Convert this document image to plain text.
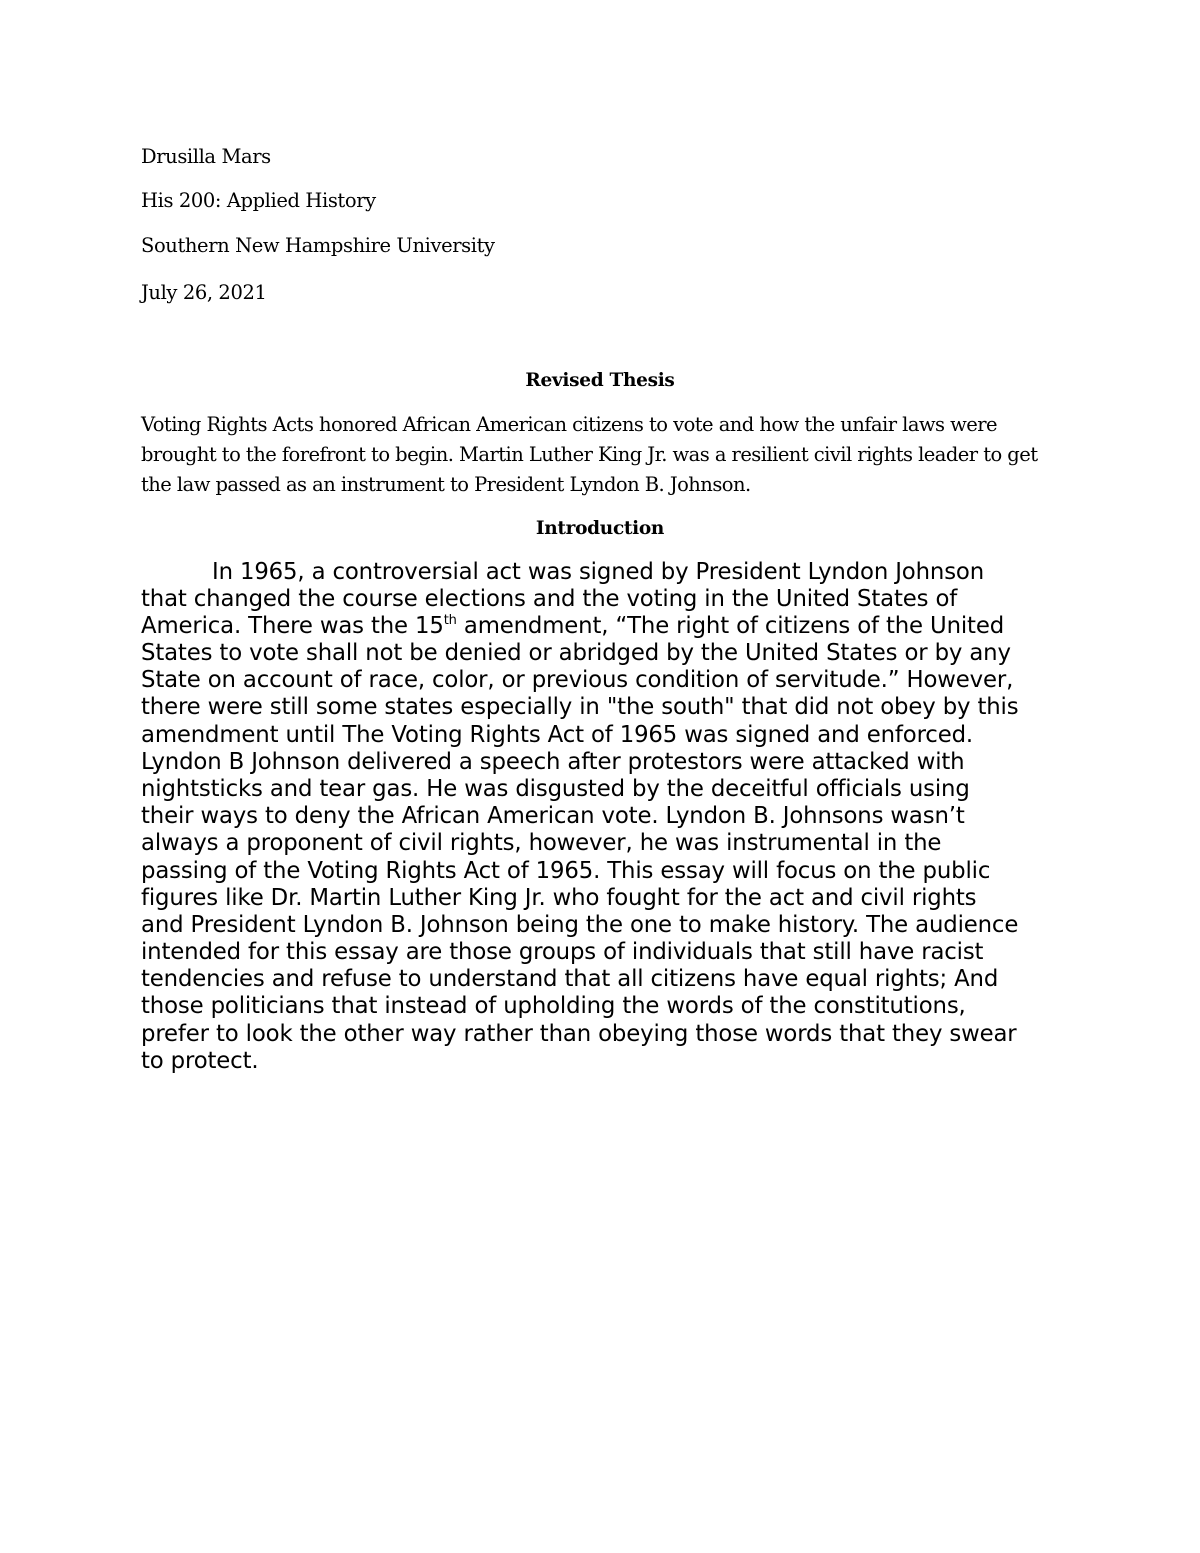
Drusilla Mars
His 200: Applied History
Southern New Hampshire University
July 26, 2021
Revised Thesis
Voting Rights Acts honored African American citizens to vote and how the unfair laws were
brought to the forefront to begin. Martin Luther King Jr. was a resilient civil rights leader to get
the law passed as an instrument to President Lyndon B. Johnson.
Introduction
In 1965, a controversial act was signed by President Lyndon Johnson
that changed the course elections and the voting in the United States of
America. There was the 15th amendment, “The right of citizens of the United
States to vote shall not be denied or abridged by the United States or by any
State on account of race, color, or previous condition of servitude.” However,
there were still some states especially in "the south" that did not obey by this
amendment until The Voting Rights Act of 1965 was signed and enforced.
Lyndon B Johnson delivered a speech after protestors were attacked with
nightsticks and tear gas. He was disgusted by the deceitful officials using
their ways to deny the African American vote. Lyndon B. Johnsons wasn’t
always a proponent of civil rights, however, he was instrumental in the
passing of the Voting Rights Act of 1965. This essay will focus on the public
figures like Dr. Martin Luther King Jr. who fought for the act and civil rights
and President Lyndon B. Johnson being the one to make history. The audience
intended for this essay are those groups of individuals that still have racist
tendencies and refuse to understand that all citizens have equal rights; And
those politicians that instead of upholding the words of the constitutions,
prefer to look the other way rather than obeying those words that they swear
to protect.
